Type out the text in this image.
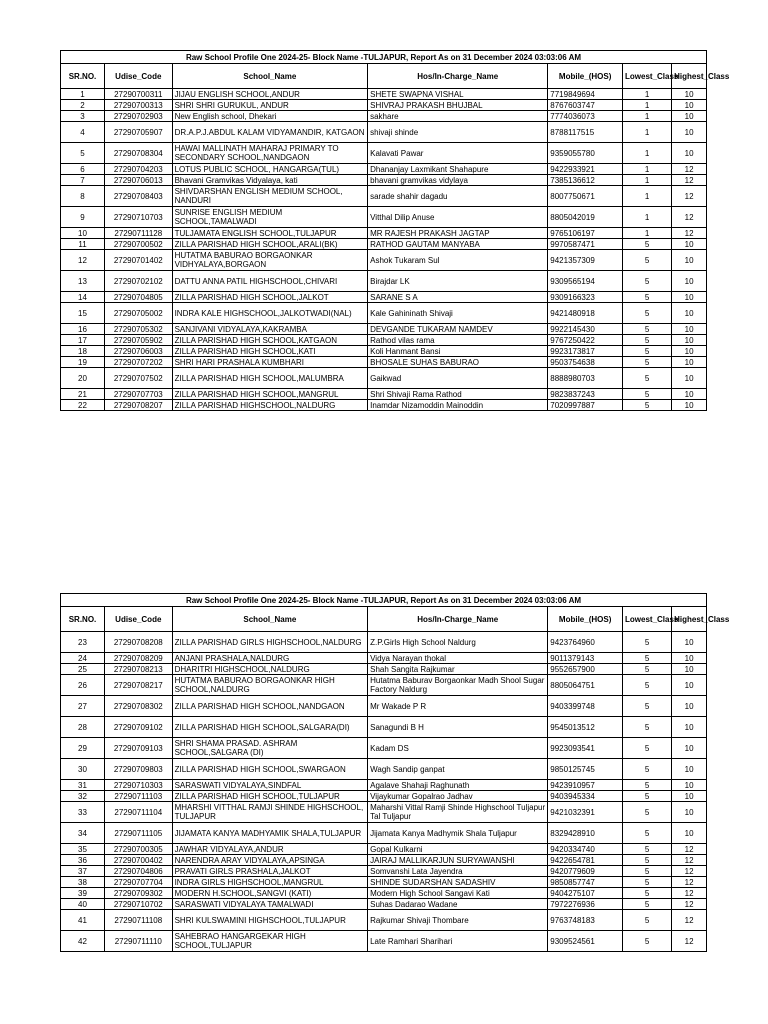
Raw School Profile One 2024-25- Block Name -TULJAPUR, Report As on 31 December 2024 03:03:06 AM						
SR.NO.	Udise_Code	School_Name	Hos/In-Charge_Name	Mobile_(HOS)	Lowest_Class	Highest_Class
1	27290700311	JIJAU ENGLISH SCHOOL,ANDUR	SHETE SWAPNA VISHAL	7719849694	1	10
2	27290700313	SHRI SHRI GURUKUL, ANDUR	SHIVRAJ PRAKASH BHUJBAL	8767603747	1	10
3	27290702903	New English school, Dhekari	sakhare	7774036073	1	10
4	27290705907	DR.A.P.J.ABDUL KALAM VIDYAMANDIR, KATGAON	shivaji shinde	8788117515	1	10
5	27290708304	HAWAI MALLINATH MAHARAJ PRIMARY TO SECONDARY SCHOOL,NANDGAON	Kalavati Pawar	9359055780	1	10
6	27290704203	LOTUS PUBLIC SCHOOL, HANGARGA(TUL)	Dhananjay Laxmikant Shahapure	9422933921	1	12
7	27290706013	Bhavani Gramvikas Vidyalaya, kati	bhavani gramvikas vidylaya	7385136612	1	12
8	27290708403	SHIVDARSHAN ENGLISH MEDIUM SCHOOL, NANDURI	sarade shahir dagadu	8007750671	1	12
9	27290710703	SUNRISE ENGLISH MEDIUM SCHOOL,TAMALWADI	Vitthal Dilip Anuse	8805042019	1	12
10	27290711128	TULJAMATA ENGLISH SCHOOL,TULJAPUR	MR RAJESH PRAKASH JAGTAP	9765106197	1	12
11	27290700502	ZILLA PARISHAD HIGH SCHOOL,ARALI(BK)	RATHOD GAUTAM MANYABA	9970587471	5	10
12	27290701402	HUTATMA BABURAO BORGAONKAR VIDHYALAYA,BORGAON	Ashok Tukaram Sul	9421357309	5	10
13	27290702102	DATTU ANNA PATIL HIGHSCHOOL,CHIVARI	Birajdar LK	9309565194	5	10
14	27290704805	ZILLA PARISHAD HIGH SCHOOL,JALKOT	SARANE S A	9309166323	5	10
15	27290705002	INDRA KALE HIGHSCHOOL,JALKOTWADI(NAL)	Kale Gahininath Shivaji	9421480918	5	10
16	27290705302	SANJIVANI VIDYALAYA,KAKRAMBA	DEVGANDE TUKARAM NAMDEV	9922145430	5	10
17	27290705902	ZILLA PARISHAD HIGH SCHOOL,KATGAON	Rathod vilas rama	9767250422	5	10
18	27290706003	ZILLA PARISHAD HIGH SCHOOL,KATI	Koli Hanmant Bansi	9923173817	5	10
19	27290707202	SHRI HARI PRASHALA KUMBHARI	BHOSALE SUHAS BABURAO	9503754638	5	10
20	27290707502	ZILLA PARISHAD HIGH SCHOOL,MALUMBRA	Gaikwad	8888980703	5	10
21	27290707703	ZILLA PARISHAD HIGH SCHOOL,MANGRUL	Shri Shivaji Rama Rathod	9823837243	5	10
22	27290708207	ZILLA PARISHAD HIGHSCHOOL,NALDURG	Inamdar Nizamoddin Mainoddin	7020997887	5	10
Raw School Profile One 2024-25- Block Name -TULJAPUR, Report As on 31 December 2024 03:03:06 AM						
SR.NO.	Udise_Code	School_Name	Hos/In-Charge_Name	Mobile_(HOS)	Lowest_Class	Highest_Class
23	27290708208	ZILLA PARISHAD GIRLS HIGHSCHOOL,NALDURG	Z.P.Girls High School Naldurg	9423764960	5	10
24	27290708209	ANJANI PRASHALA,NALDURG	Vidya Narayan thokal	9011379143	5	10
25	27290708213	DHARITRI HIGHSCHOOL,NALDURG	Shah Sangita Rajkumar	9552657900	5	10
26	27290708217	HUTATMA BABURAO BORGAONKAR HIGH SCHOOL,NALDURG	Hutatma Baburav Borgaonkar Madh Shool Sugar Factory Naldurg	8805064751	5	10
27	27290708302	ZILLA PARISHAD HIGH SCHOOL,NANDGAON	Mr Wakade P R	9403399748	5	10
28	27290709102	ZILLA PARISHAD HIGH SCHOOL,SALGARA(DI)	Sanagundi B H	9545013512	5	10
29	27290709103	SHRI SHAMA PRASAD. ASHRAM SCHOOL,SALGARA (DI)	Kadam DS	9923093541	5	10
30	27290709803	ZILLA PARISHAD HIGH SCHOOL,SWARGAON	Wagh Sandip ganpat	9850125745	5	10
31	27290710303	SARASWATI VIDYALAYA,SINDFAL	Agalave Shahaji Raghunath	9423910957	5	10
32	27290711103	ZILLA PARISHAD HIGH SCHOOL,TULJAPUR	Vijaykumar Gopalrao Jadhav	9403945334	5	10
33	27290711104	MHARSHI VITTHAL RAMJI SHINDE HIGHSCHOOL, TULJAPUR	Maharshi Vittal Ramji Shinde Highschool Tuljapur Tal Tuljapur	9421032391	5	10
34	27290711105	JIJAMATA KANYA MADHYAMIK SHALA,TULJAPUR	Jijamata Kanya Madhymik Shala Tuljapur	8329428910	5	10
35	27290700305	JAWHAR VIDYALAYA,ANDUR	Gopal Kulkarni	9420334740	5	12
36	27290700402	NARENDRA ARAY VIDYALAYA,APSINGA	JAIRAJ MALLIKARJUN SURYAWANSHI	9422654781	5	12
37	27290704806	PRAVATI GIRLS PRASHALA,JALKOT	Somvanshi Lata Jayendra	9420779609	5	12
38	27290707704	INDRA GIRLS HIGHSCHOOL,MANGRUL	SHINDE SUDARSHAN SADASHIV	9850857747	5	12
39	27290709302	MODERN H.SCHOOL,SANGVI (KATI)	Modern High School Sangavi Kati	9404275107	5	12
40	27290710702	SARASWATI VIDYALAYA TAMALWADI	Suhas Dadarao Wadane	7972276936	5	12
41	27290711108	SHRI KULSWAMINI HIGHSCHOOL,TULJAPUR	Rajkumar Shivaji Thombare	9763748183	5	12
42	27290711110	SAHEBRAO HANGARGEKAR HIGH SCHOOL,TULJAPUR	Late Ramhari Sharihari	9309524561	5	12
